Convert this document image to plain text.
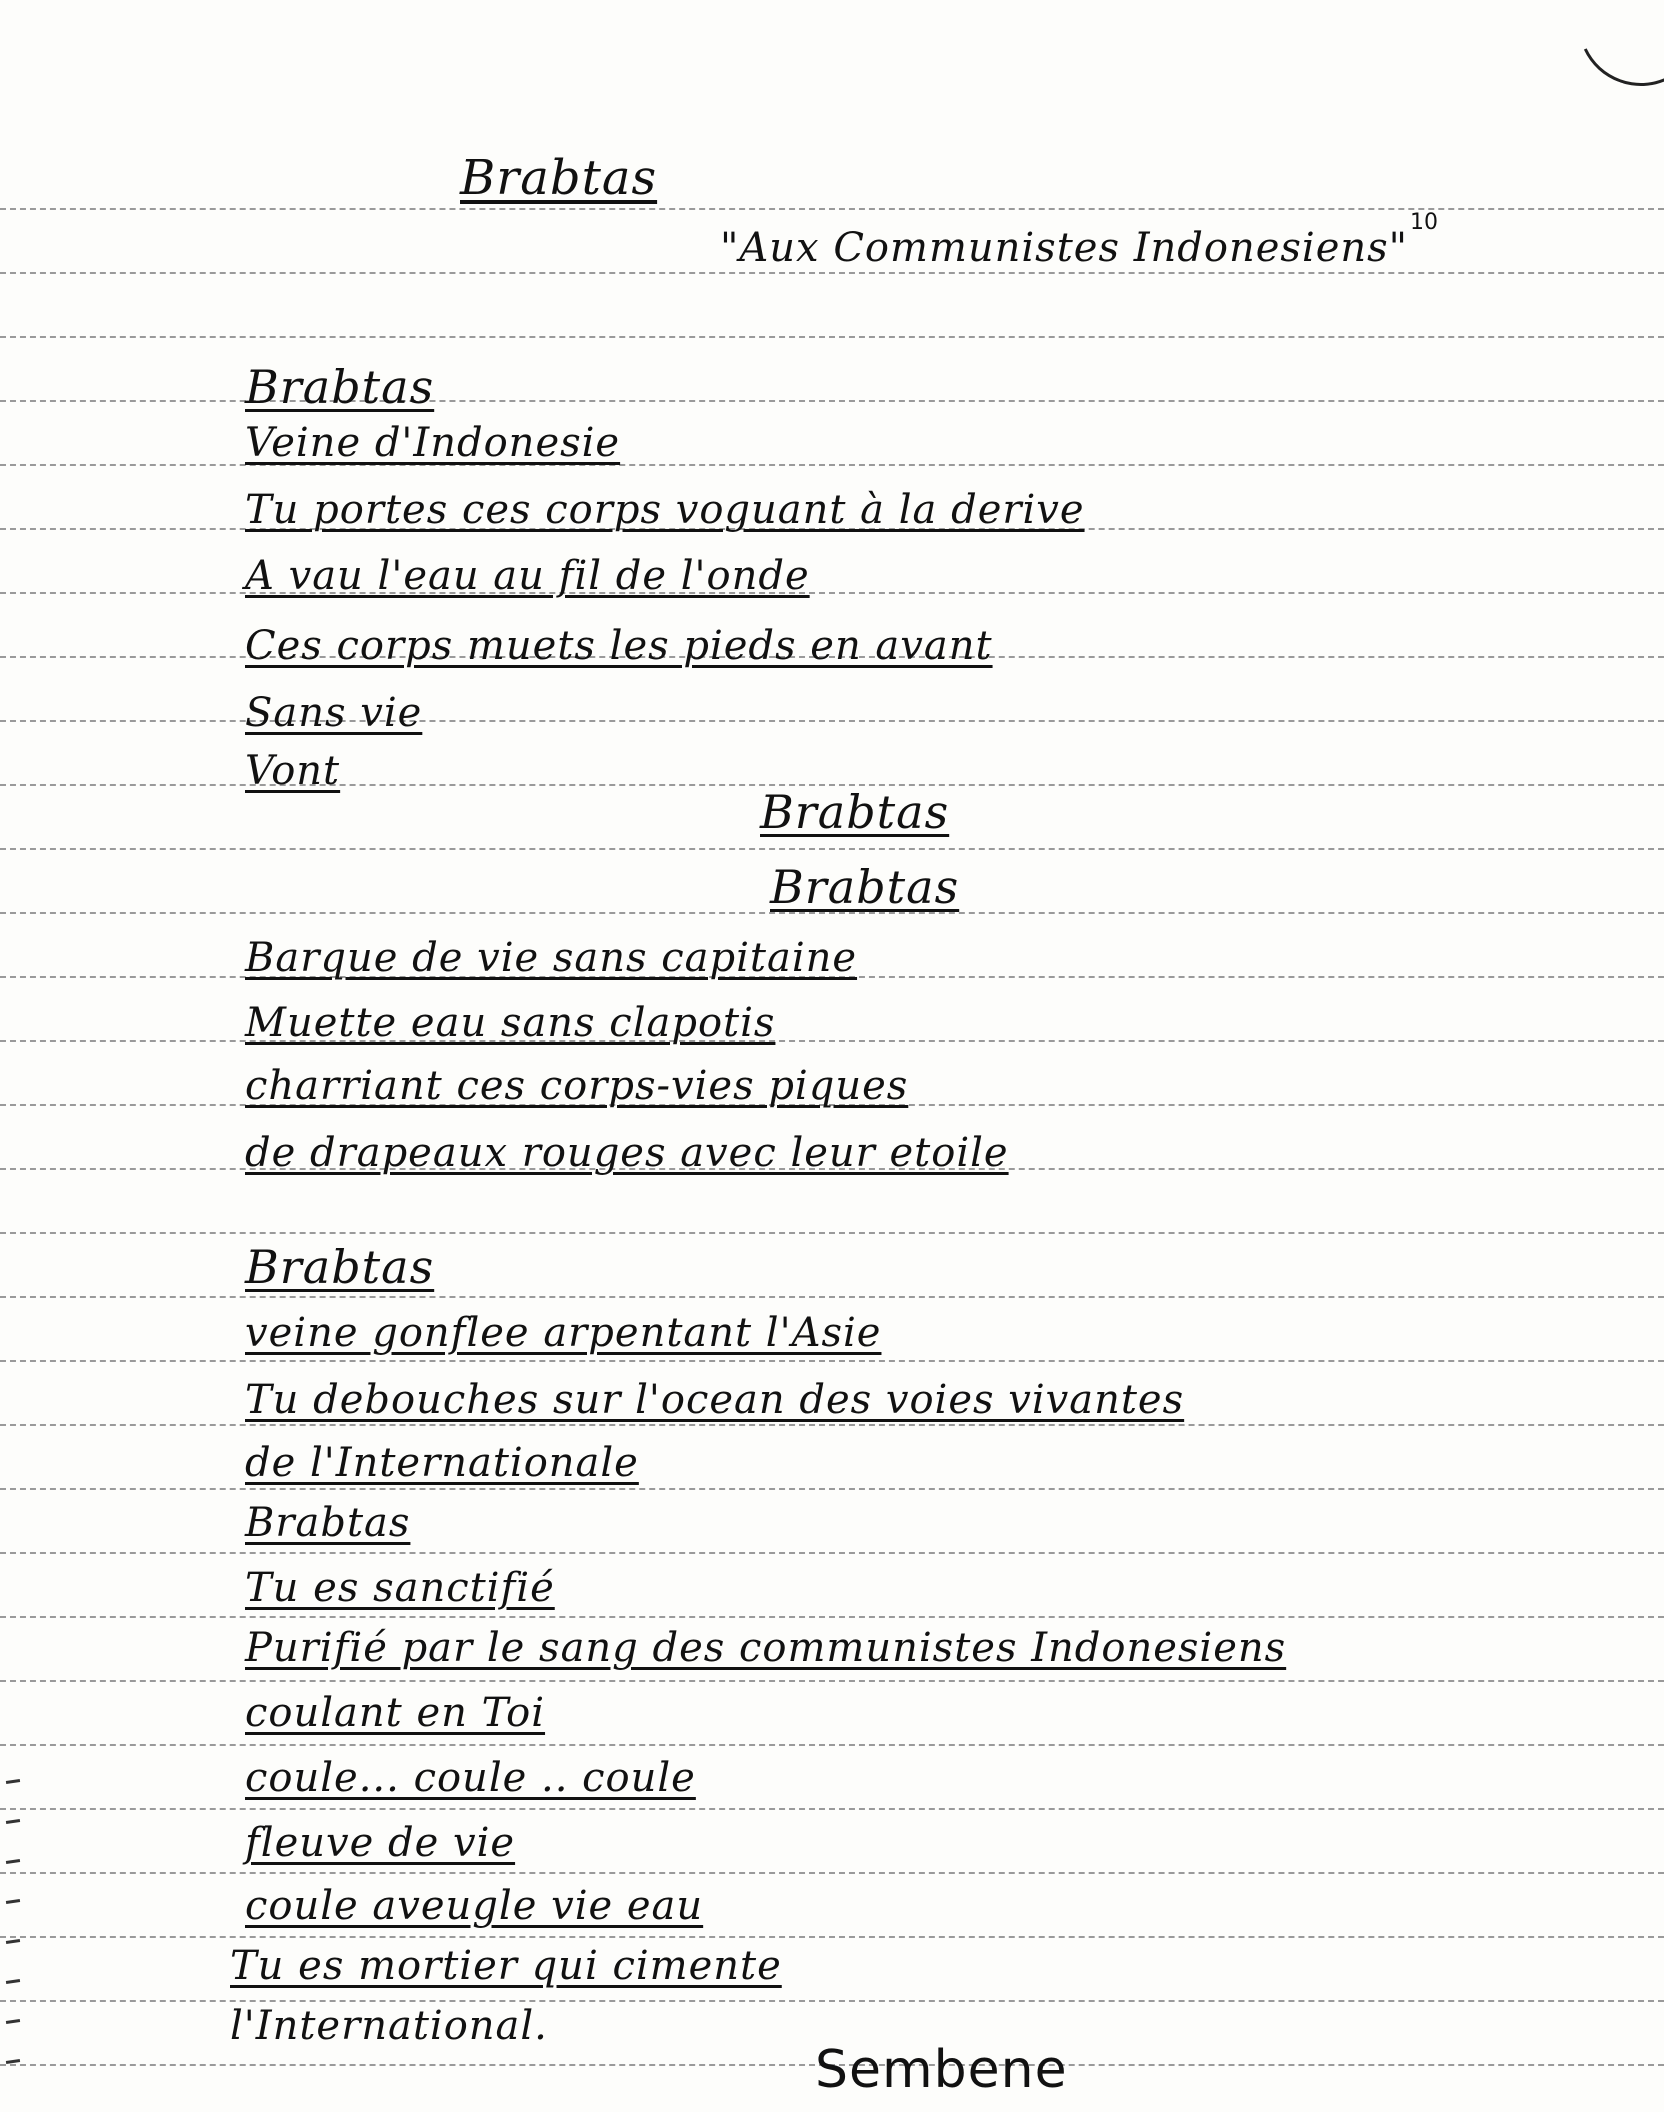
Brabtas
"Aux Communistes Indonesiens"
10
Brabtas
Veine d'Indonesie
Tu portes ces corps voguant à la derive
A vau l'eau au fil de l'onde
Ces corps muets les pieds en avant
Sans vie
Vont
Brabtas
Brabtas
Barque de vie sans capitaine
Muette eau sans clapotis
charriant ces corps-vies piques
de drapeaux rouges avec leur etoile
Brabtas
veine gonflee arpentant l'Asie
Tu debouches sur l'ocean des voies vivantes
de l'Internationale
Brabtas
Tu es sanctifié
Purifié par le sang des communistes Indonesiens
coulant en Toi
coule... coule .. coule
fleuve de vie
coule aveugle vie eau
Tu es mortier qui cimente
l'International.
Sembene
